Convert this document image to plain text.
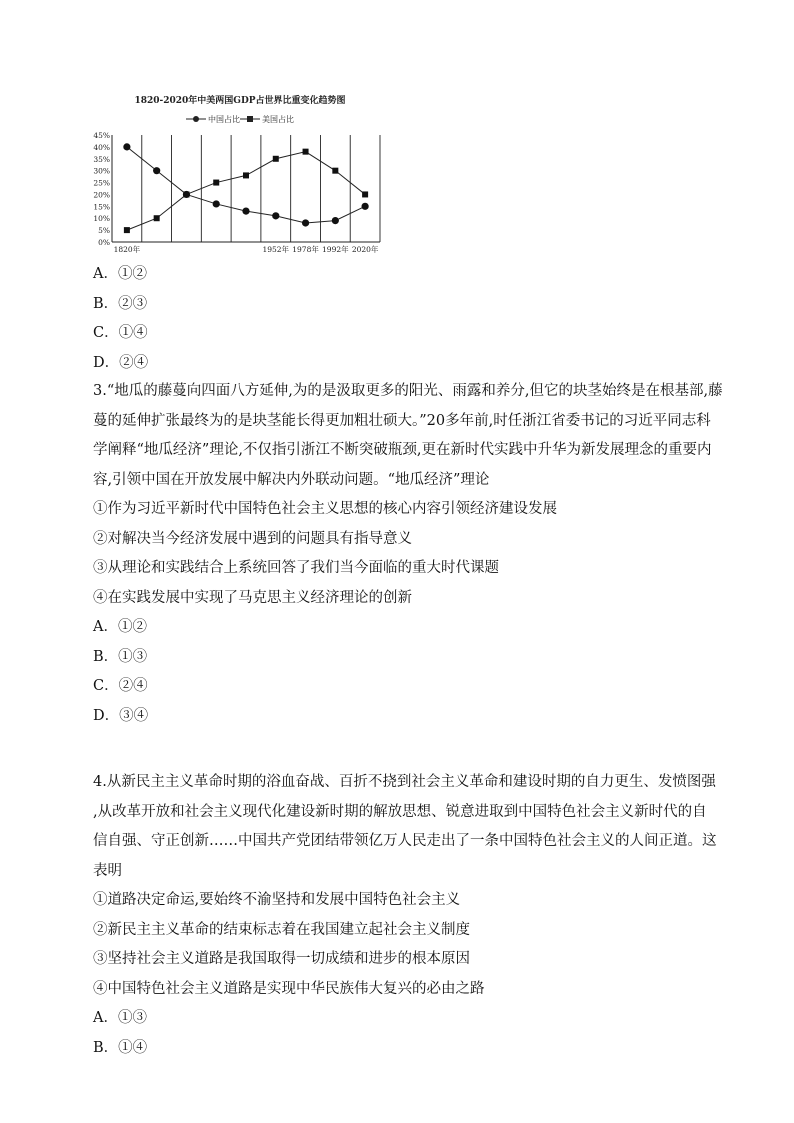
1820-2020年中美两国GDP占世界比重变化趋势图
中国占比	美国占比
45%
40%
35%
30%
25%
20%
15%
10%
5%
0%
1820年	1952年 1978年 1992年 2020年
A．①②
B．②③
C．①④
D．②④
3.“地瓜的藤蔓向四面八方延伸,为的是汲取更多的阳光、雨露和养分,但它的块茎始终是在根基部,藤
蔓的延伸扩张最终为的是块茎能长得更加粗壮硕大。”20多年前,时任浙江省委书记的习近平同志科
学阐释“地瓜经济”理论,不仅指引浙江不断突破瓶颈,更在新时代实践中升华为新发展理念的重要内
容,引领中国在开放发展中解决内外联动问题。“地瓜经济”理论
①作为习近平新时代中国特色社会主义思想的核心内容引领经济建设发展
②对解决当今经济发展中遇到的问题具有指导意义
③从理论和实践结合上系统回答了我们当今面临的重大时代课题
④在实践发展中实现了马克思主义经济理论的创新
A．①②
B．①③
C．②④
D．③④
4.从新民主主义革命时期的浴血奋战、百折不挠到社会主义革命和建设时期的自力更生、发愤图强
,从改革开放和社会主义现代化建设新时期的解放思想、锐意进取到中国特色社会主义新时代的自
信自强、守正创新……中国共产党团结带领亿万人民走出了一条中国特色社会主义的人间正道。这
表明
①道路决定命运,要始终不渝坚持和发展中国特色社会主义
②新民主主义革命的结束标志着在我国建立起社会主义制度
③坚持社会主义道路是我国取得一切成绩和进步的根本原因
④中国特色社会主义道路是实现中华民族伟大复兴的必由之路
A．①③
B．①④
